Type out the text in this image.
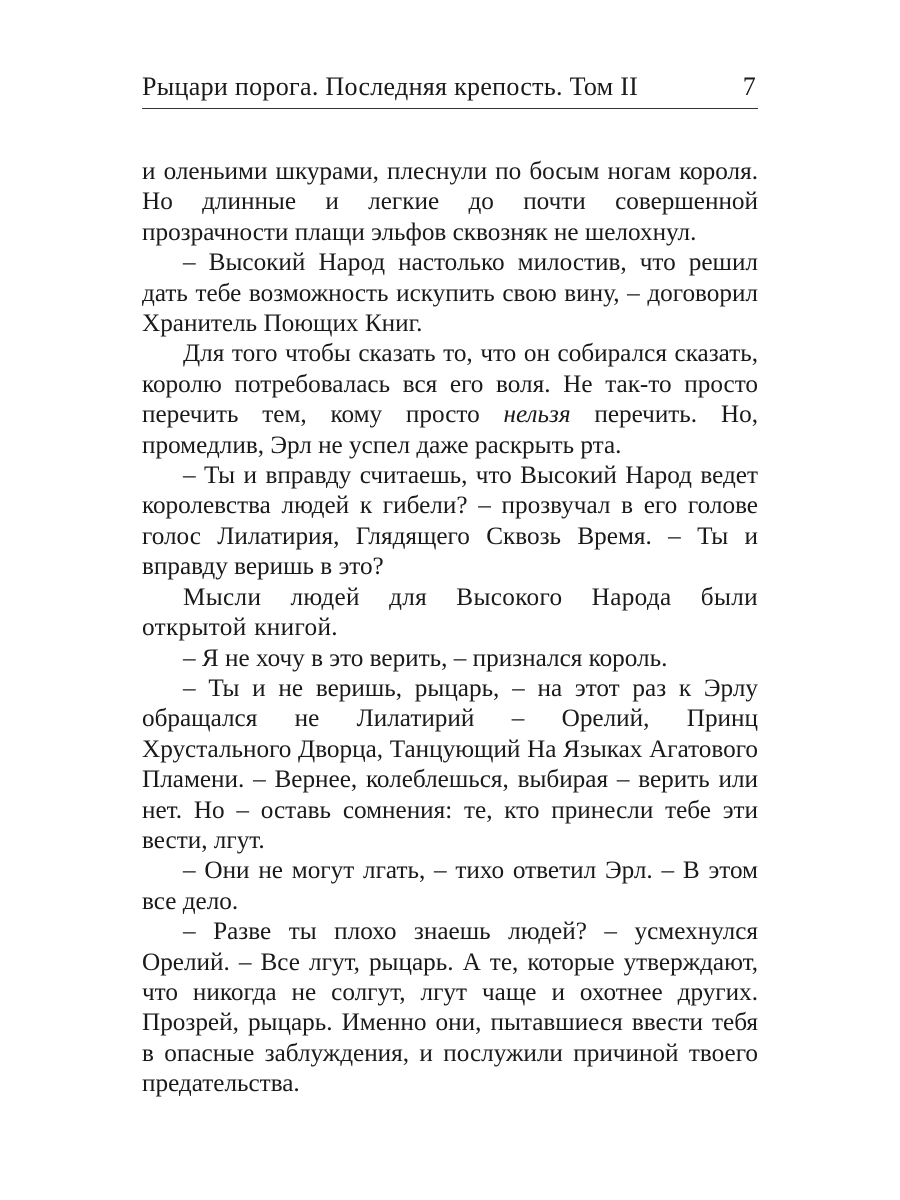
Рыцари порога. Последняя крепость. Том II	7

и оленьими шкурами, плеснули по босым ногам короля. Но длинные и легкие до почти совершенной прозрачности плащи эльфов сквозняк не шелохнул.

– Высокий Народ настолько милостив, что решил дать тебе возможность искупить свою вину, – договорил Хранитель Поющих Книг.

Для того чтобы сказать то, что он собирался сказать, королю потребовалась вся его воля. Не так-то просто перечить тем, кому просто нельзя перечить. Но, промедлив, Эрл не успел даже раскрыть рта.

– Ты и вправду считаешь, что Высокий Народ ведет королевства людей к гибели? – прозвучал в его голове голос Лилатирия, Глядящего Сквозь Время. – Ты и вправду веришь в это?

Мысли людей для Высокого Народа были открытой книгой.

– Я не хочу в это верить, – признался король.

– Ты и не веришь, рыцарь, – на этот раз к Эрлу обращался не Лилатирий – Орелий, Принц Хрустального Дворца, Танцующий На Языках Агатового Пламени. – Вернее, колеблешься, выбирая – верить или нет. Но – оставь сомнения: те, кто принесли тебе эти вести, лгут.

– Они не могут лгать, – тихо ответил Эрл. – В этом все дело.

– Разве ты плохо знаешь людей? – усмехнулся Орелий. – Все лгут, рыцарь. А те, которые утверждают, что никогда не солгут, лгут чаще и охотнее других. Прозрей, рыцарь. Именно они, пытавшиеся ввести тебя в опасные заблуждения, и послужили причиной твоего предательства.
